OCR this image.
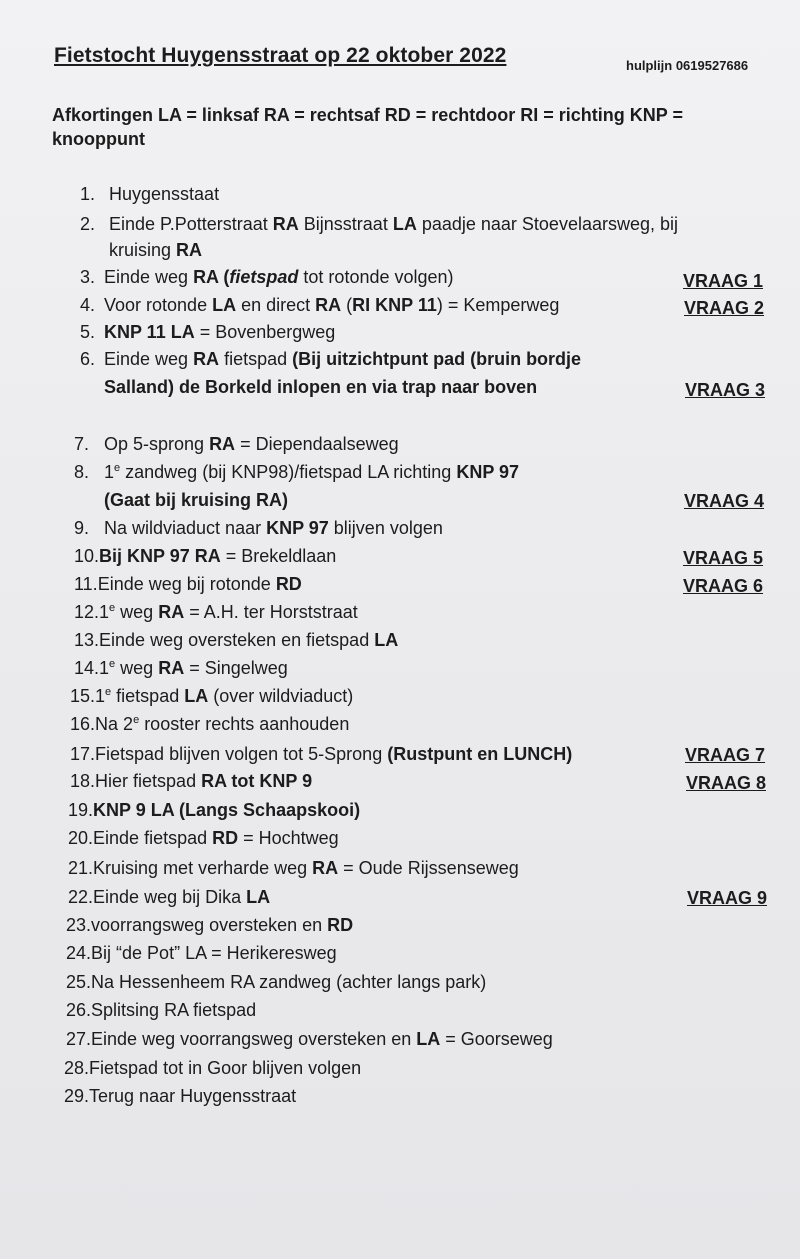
Fietstocht Huygensstraat op 22 oktober 2022	hulplijn 0619527686
Afkortingen LA = linksaf RA = rechtsaf RD = rechtdoor RI = richting KNP =
knooppunt
1. Huygensstaat
2. Einde P.Potterstraat RA Bijnsstraat LA paadje naar Stoevelaarsweg, bij
kruising RA
3. Einde weg RA (fietspad tot rotonde volgen)
4. Voor rotonde LA en direct RA (RI KNP 11) = Kemperweg
5. KNP 11 LA = Bovenbergweg
6. Einde weg RA fietspad (Bij uitzichtpunt pad (bruin bordje
Salland) de Borkeld inlopen en via trap naar boven
7. Op 5-sprong RA = Diependaalseweg
8. 1e zandweg (bij KNP98)/fietspad LA richting KNP 97
(Gaat bij kruising RA)
9. Na wildviaduct naar KNP 97 blijven volgen
10.Bij KNP 97 RA = Brekeldlaan
11.Einde weg bij rotonde RD
12.1e weg RA = A.H. ter Horststraat
13.Einde weg oversteken en fietspad LA
14.1e weg RA = Singelweg
15.1e fietspad LA (over wildviaduct)
16.Na 2e rooster rechts aanhouden
17.Fietspad blijven volgen tot 5-Sprong (Rustpunt en LUNCH)
18.Hier fietspad RA tot KNP 9
19.KNP 9 LA (Langs Schaapskooi)
20.Einde fietspad RD = Hochtweg
21.Kruising met verharde weg RA = Oude Rijssenseweg
22.Einde weg bij Dika LA
23.voorrangsweg oversteken en RD
24.Bij “de Pot” LA = Herikeresweg
25.Na Hessenheem RA zandweg (achter langs park)
26.Splitsing RA fietspad
27.Einde weg voorrangsweg oversteken en LA = Goorseweg
28.Fietspad tot in Goor blijven volgen
29.Terug naar Huygensstraat
VRAAG 1
VRAAG 2
VRAAG 3
VRAAG 4
VRAAG 5
VRAAG 6
VRAAG 7
VRAAG 8
VRAAG 9
